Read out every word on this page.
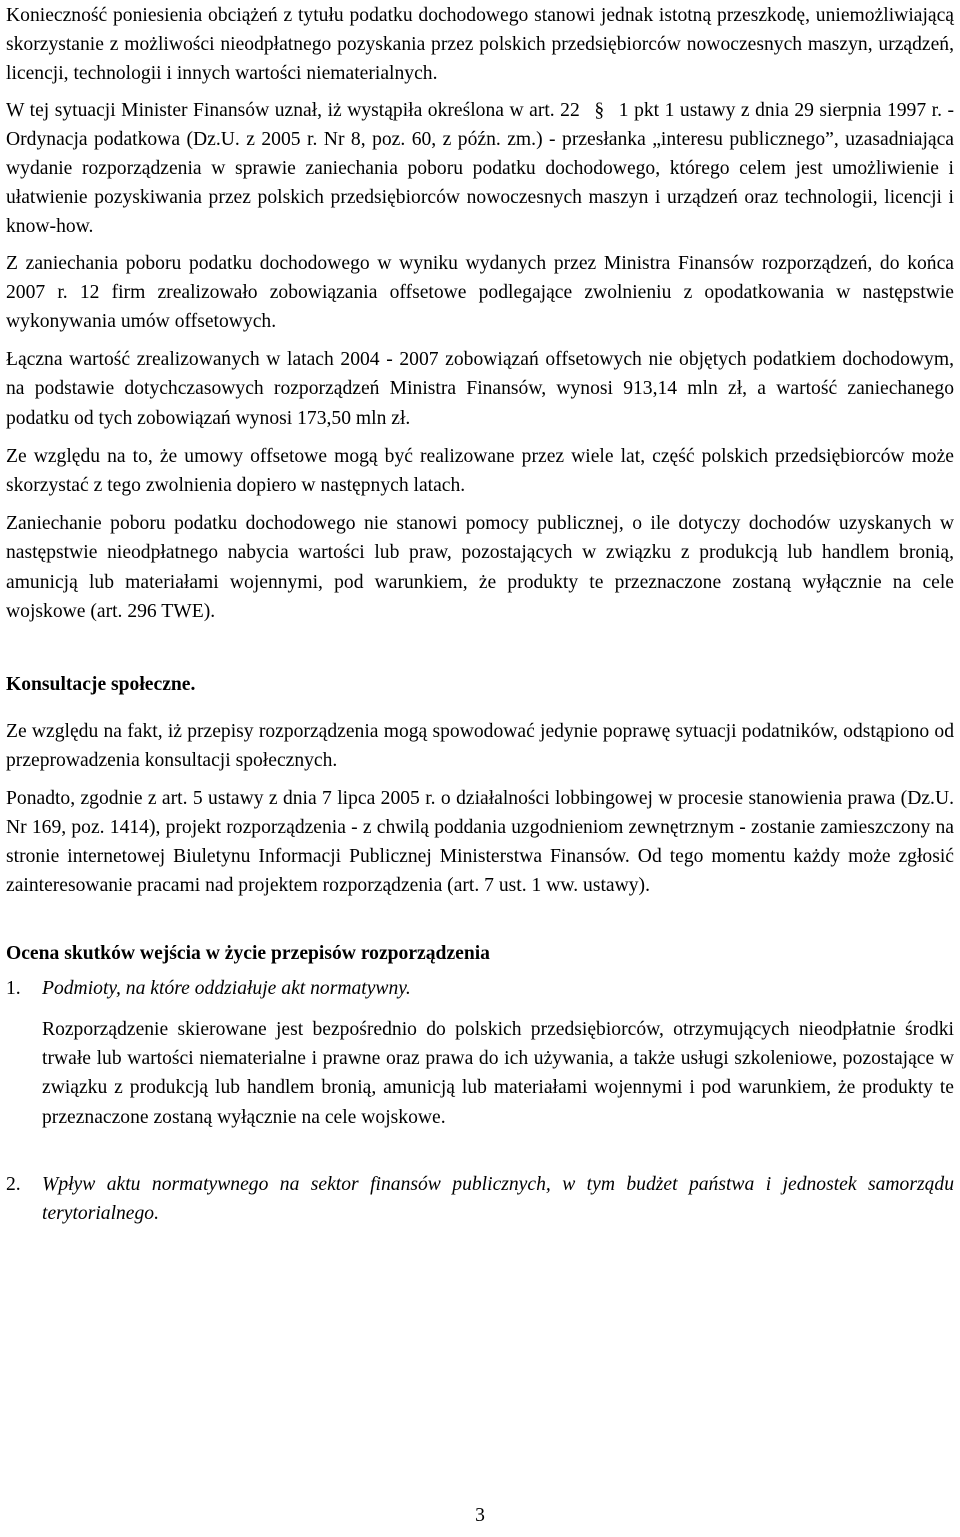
Konieczność poniesienia obciążeń z tytułu podatku dochodowego stanowi jednak istotną przeszkodę, uniemożliwiającą skorzystanie z możliwości nieodpłatnego pozyskania przez polskich przedsiębiorców nowoczesnych maszyn, urządzeń, licencji, technologii i innych wartości niematerialnych.

W tej sytuacji Minister Finansów uznał, iż wystąpiła określona w art. 22 § 1 pkt 1 ustawy z dnia 29 sierpnia 1997 r. - Ordynacja podatkowa (Dz.U. z 2005 r. Nr 8, poz. 60, z późn. zm.) - przesłanka „interesu publicznego”, uzasadniająca wydanie rozporządzenia w sprawie zaniechania poboru podatku dochodowego, którego celem jest umożliwienie i ułatwienie pozyskiwania przez polskich przedsiębiorców nowoczesnych maszyn i urządzeń oraz technologii, licencji i know-how.

Z zaniechania poboru podatku dochodowego w wyniku wydanych przez Ministra Finansów rozporządzeń, do końca 2007 r. 12 firm zrealizowało zobowiązania offsetowe podlegające zwolnieniu z opodatkowania w następstwie wykonywania umów offsetowych.

Łączna wartość zrealizowanych w latach 2004 - 2007 zobowiązań offsetowych nie objętych podatkiem dochodowym, na podstawie dotychczasowych rozporządzeń Ministra Finansów, wynosi 913,14 mln zł, a wartość zaniechanego podatku od tych zobowiązań wynosi 173,50 mln zł.

Ze względu na to, że umowy offsetowe mogą być realizowane przez wiele lat, część polskich przedsiębiorców może skorzystać z tego zwolnienia dopiero w następnych latach.

Zaniechanie poboru podatku dochodowego nie stanowi pomocy publicznej, o ile dotyczy dochodów uzyskanych w następstwie nieodpłatnego nabycia wartości lub praw, pozostających w związku z produkcją lub handlem bronią, amunicją lub materiałami wojennymi, pod warunkiem, że produkty te przeznaczone zostaną wyłącznie na cele wojskowe (art. 296 TWE).

Konsultacje społeczne.

Ze względu na fakt, iż przepisy rozporządzenia mogą spowodować jedynie poprawę sytuacji podatników, odstąpiono od przeprowadzenia konsultacji społecznych.

Ponadto, zgodnie z art. 5 ustawy z dnia 7 lipca 2005 r. o działalności lobbingowej w procesie stanowienia prawa (Dz.U. Nr 169, poz. 1414), projekt rozporządzenia - z chwilą poddania uzgodnieniom zewnętrznym - zostanie zamieszczony na stronie internetowej Biuletynu Informacji Publicznej Ministerstwa Finansów. Od tego momentu każdy może zgłosić zainteresowanie pracami nad projektem rozporządzenia (art. 7 ust. 1 ww. ustawy).

Ocena skutków wejścia w życie przepisów rozporządzenia

1. Podmioty, na które oddziałuje akt normatywny.

Rozporządzenie skierowane jest bezpośrednio do polskich przedsiębiorców, otrzymujących nieodpłatnie środki trwałe lub wartości niematerialne i prawne oraz prawa do ich używania, a także usługi szkoleniowe, pozostające w związku z produkcją lub handlem bronią, amunicją lub materiałami wojennymi i pod warunkiem, że produkty te przeznaczone zostaną wyłącznie na cele wojskowe.

2. Wpływ aktu normatywnego na sektor finansów publicznych, w tym budżet państwa i jednostek samorządu terytorialnego.
3
